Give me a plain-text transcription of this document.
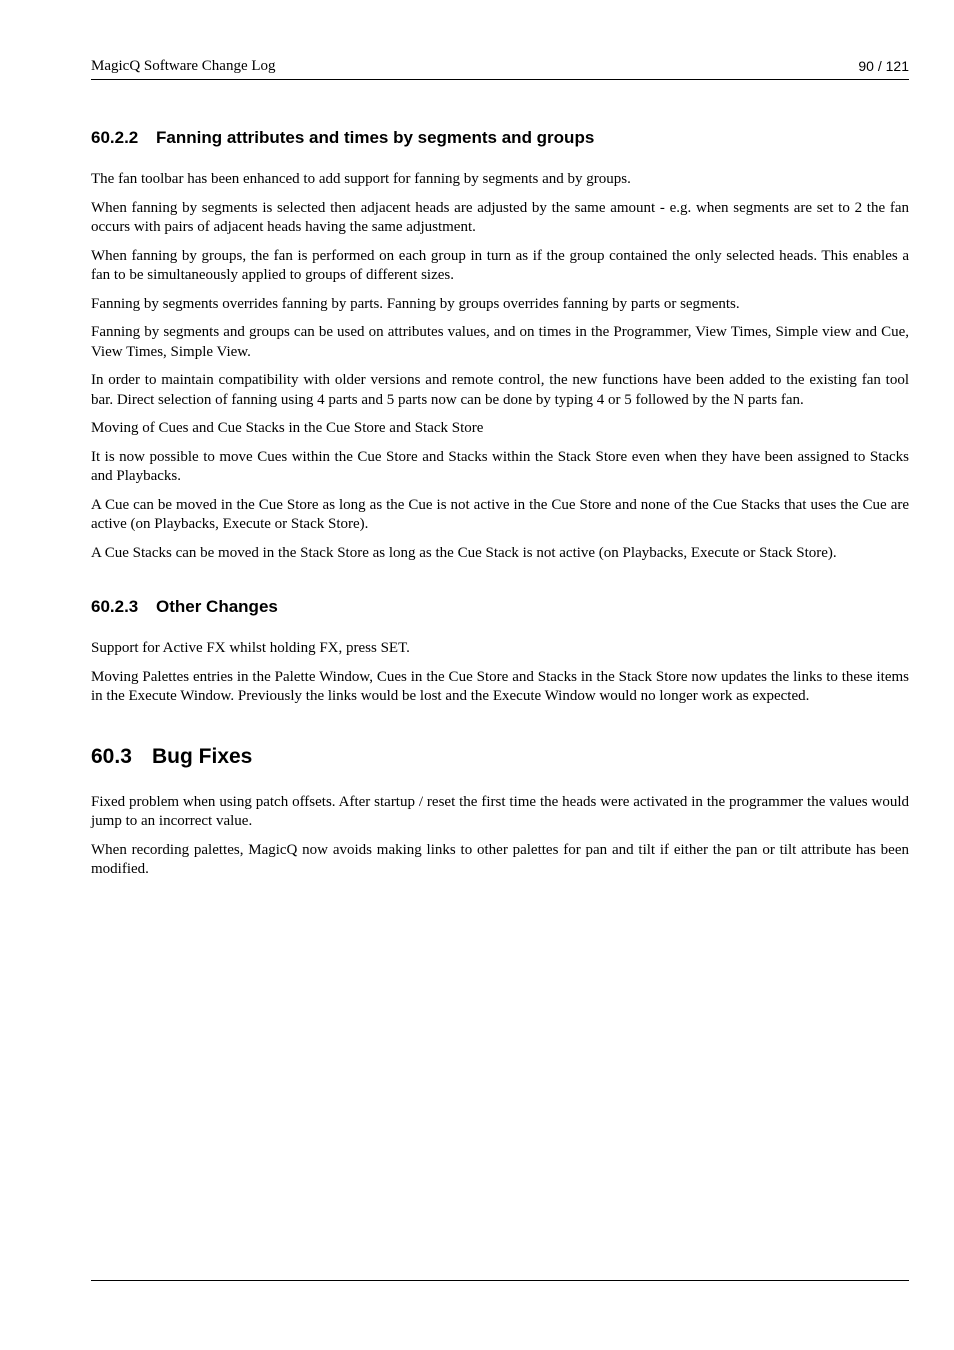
MagicQ Software Change Log	90 / 121
60.2.2 Fanning attributes and times by segments and groups

The fan toolbar has been enhanced to add support for fanning by segments and by groups.

When fanning by segments is selected then adjacent heads are adjusted by the same amount - e.g. when segments are set to 2 the fan occurs with pairs of adjacent heads having the same adjustment.

When fanning by groups, the fan is performed on each group in turn as if the group contained the only selected heads. This enables a fan to be simultaneously applied to groups of different sizes.

Fanning by segments overrides fanning by parts. Fanning by groups overrides fanning by parts or segments.

Fanning by segments and groups can be used on attributes values, and on times in the Programmer, View Times, Simple view and Cue, View Times, Simple View.

In order to maintain compatibility with older versions and remote control, the new functions have been added to the existing fan tool bar. Direct selection of fanning using 4 parts and 5 parts now can be done by typing 4 or 5 followed by the N parts fan.

Moving of Cues and Cue Stacks in the Cue Store and Stack Store

It is now possible to move Cues within the Cue Store and Stacks within the Stack Store even when they have been assigned to Stacks and Playbacks.

A Cue can be moved in the Cue Store as long as the Cue is not active in the Cue Store and none of the Cue Stacks that uses the Cue are active (on Playbacks, Execute or Stack Store).

A Cue Stacks can be moved in the Stack Store as long as the Cue Stack is not active (on Playbacks, Execute or Stack Store).

60.2.3 Other Changes

Support for Active FX whilst holding FX, press SET.

Moving Palettes entries in the Palette Window, Cues in the Cue Store and Stacks in the Stack Store now updates the links to these items in the Execute Window. Previously the links would be lost and the Execute Window would no longer work as expected.

60.3 Bug Fixes

Fixed problem when using patch offsets. After startup / reset the first time the heads were activated in the programmer the values would jump to an incorrect value.

When recording palettes, MagicQ now avoids making links to other palettes for pan and tilt if either the pan or tilt attribute has been modified.
